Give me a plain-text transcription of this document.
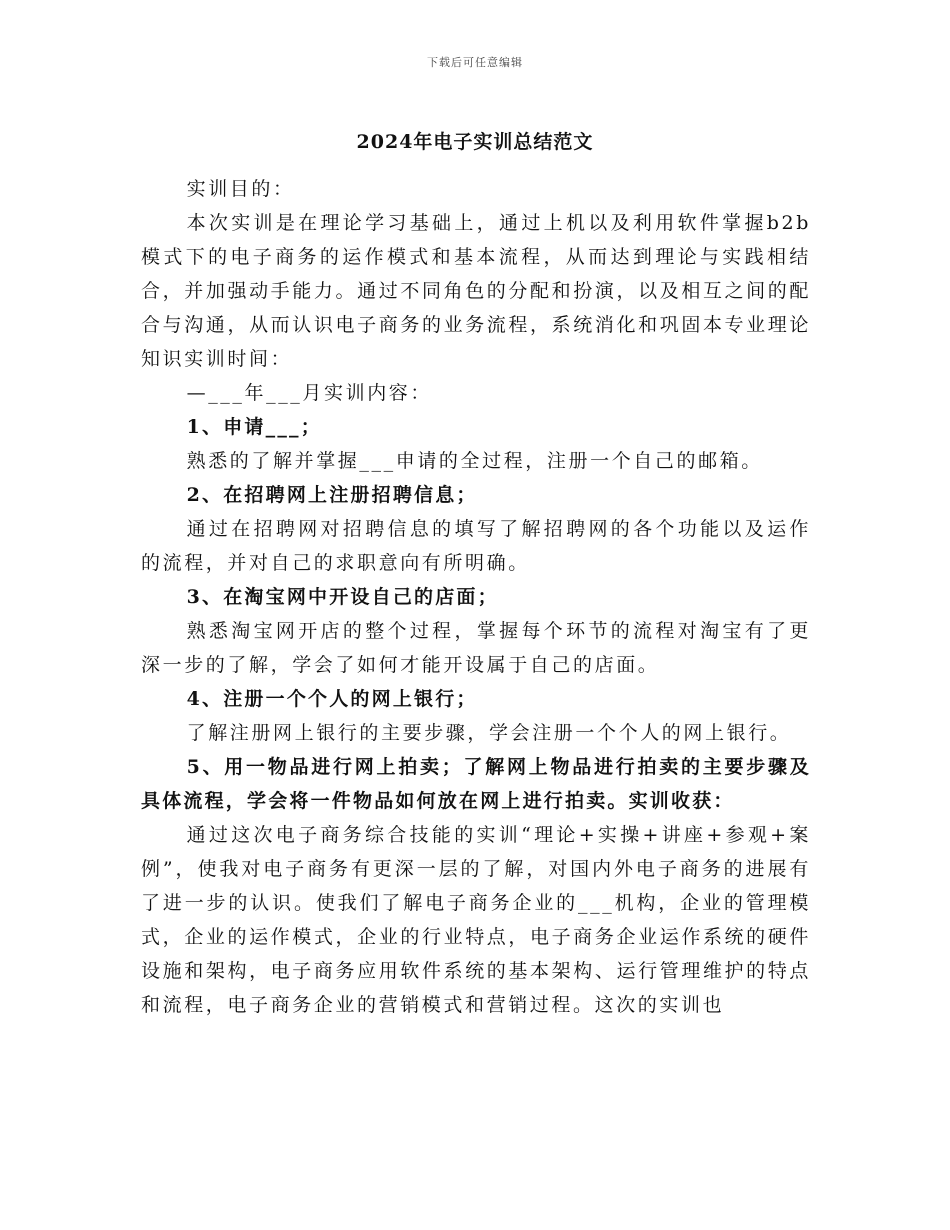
下载后可任意编辑
2024年电子实训总结范文

实训目的：

本次实训是在理论学习基础上，通过上机以及利用软件掌握b2b模式下的电子商务的运作模式和基本流程，从而达到理论与实践相结合，并加强动手能力。通过不同角色的分配和扮演，以及相互之间的配合与沟通，从而认识电子商务的业务流程，系统消化和巩固本专业理论知识实训时间：

—___年___月实训内容：

1、申请___；

熟悉的了解并掌握___申请的全过程，注册一个自己的邮箱。

2、在招聘网上注册招聘信息；

通过在招聘网对招聘信息的填写了解招聘网的各个功能以及运作的流程，并对自己的求职意向有所明确。

3、在淘宝网中开设自己的店面；

熟悉淘宝网开店的整个过程，掌握每个环节的流程对淘宝有了更深一步的了解，学会了如何才能开设属于自己的店面。

4、注册一个个人的网上银行；

了解注册网上银行的主要步骤，学会注册一个个人的网上银行。

5、用一物品进行网上拍卖；了解网上物品进行拍卖的主要步骤及具体流程，学会将一件物品如何放在网上进行拍卖。实训收获：

通过这次电子商务综合技能的实训“理论+实操+讲座+参观+案例”，使我对电子商务有更深一层的了解，对国内外电子商务的进展有了进一步的认识。使我们了解电子商务企业的___机构，企业的管理模式，企业的运作模式，企业的行业特点，电子商务企业运作系统的硬件设施和架构，电子商务应用软件系统的基本架构、运行管理维护的特点和流程，电子商务企业的营销模式和营销过程。这次的实训也
